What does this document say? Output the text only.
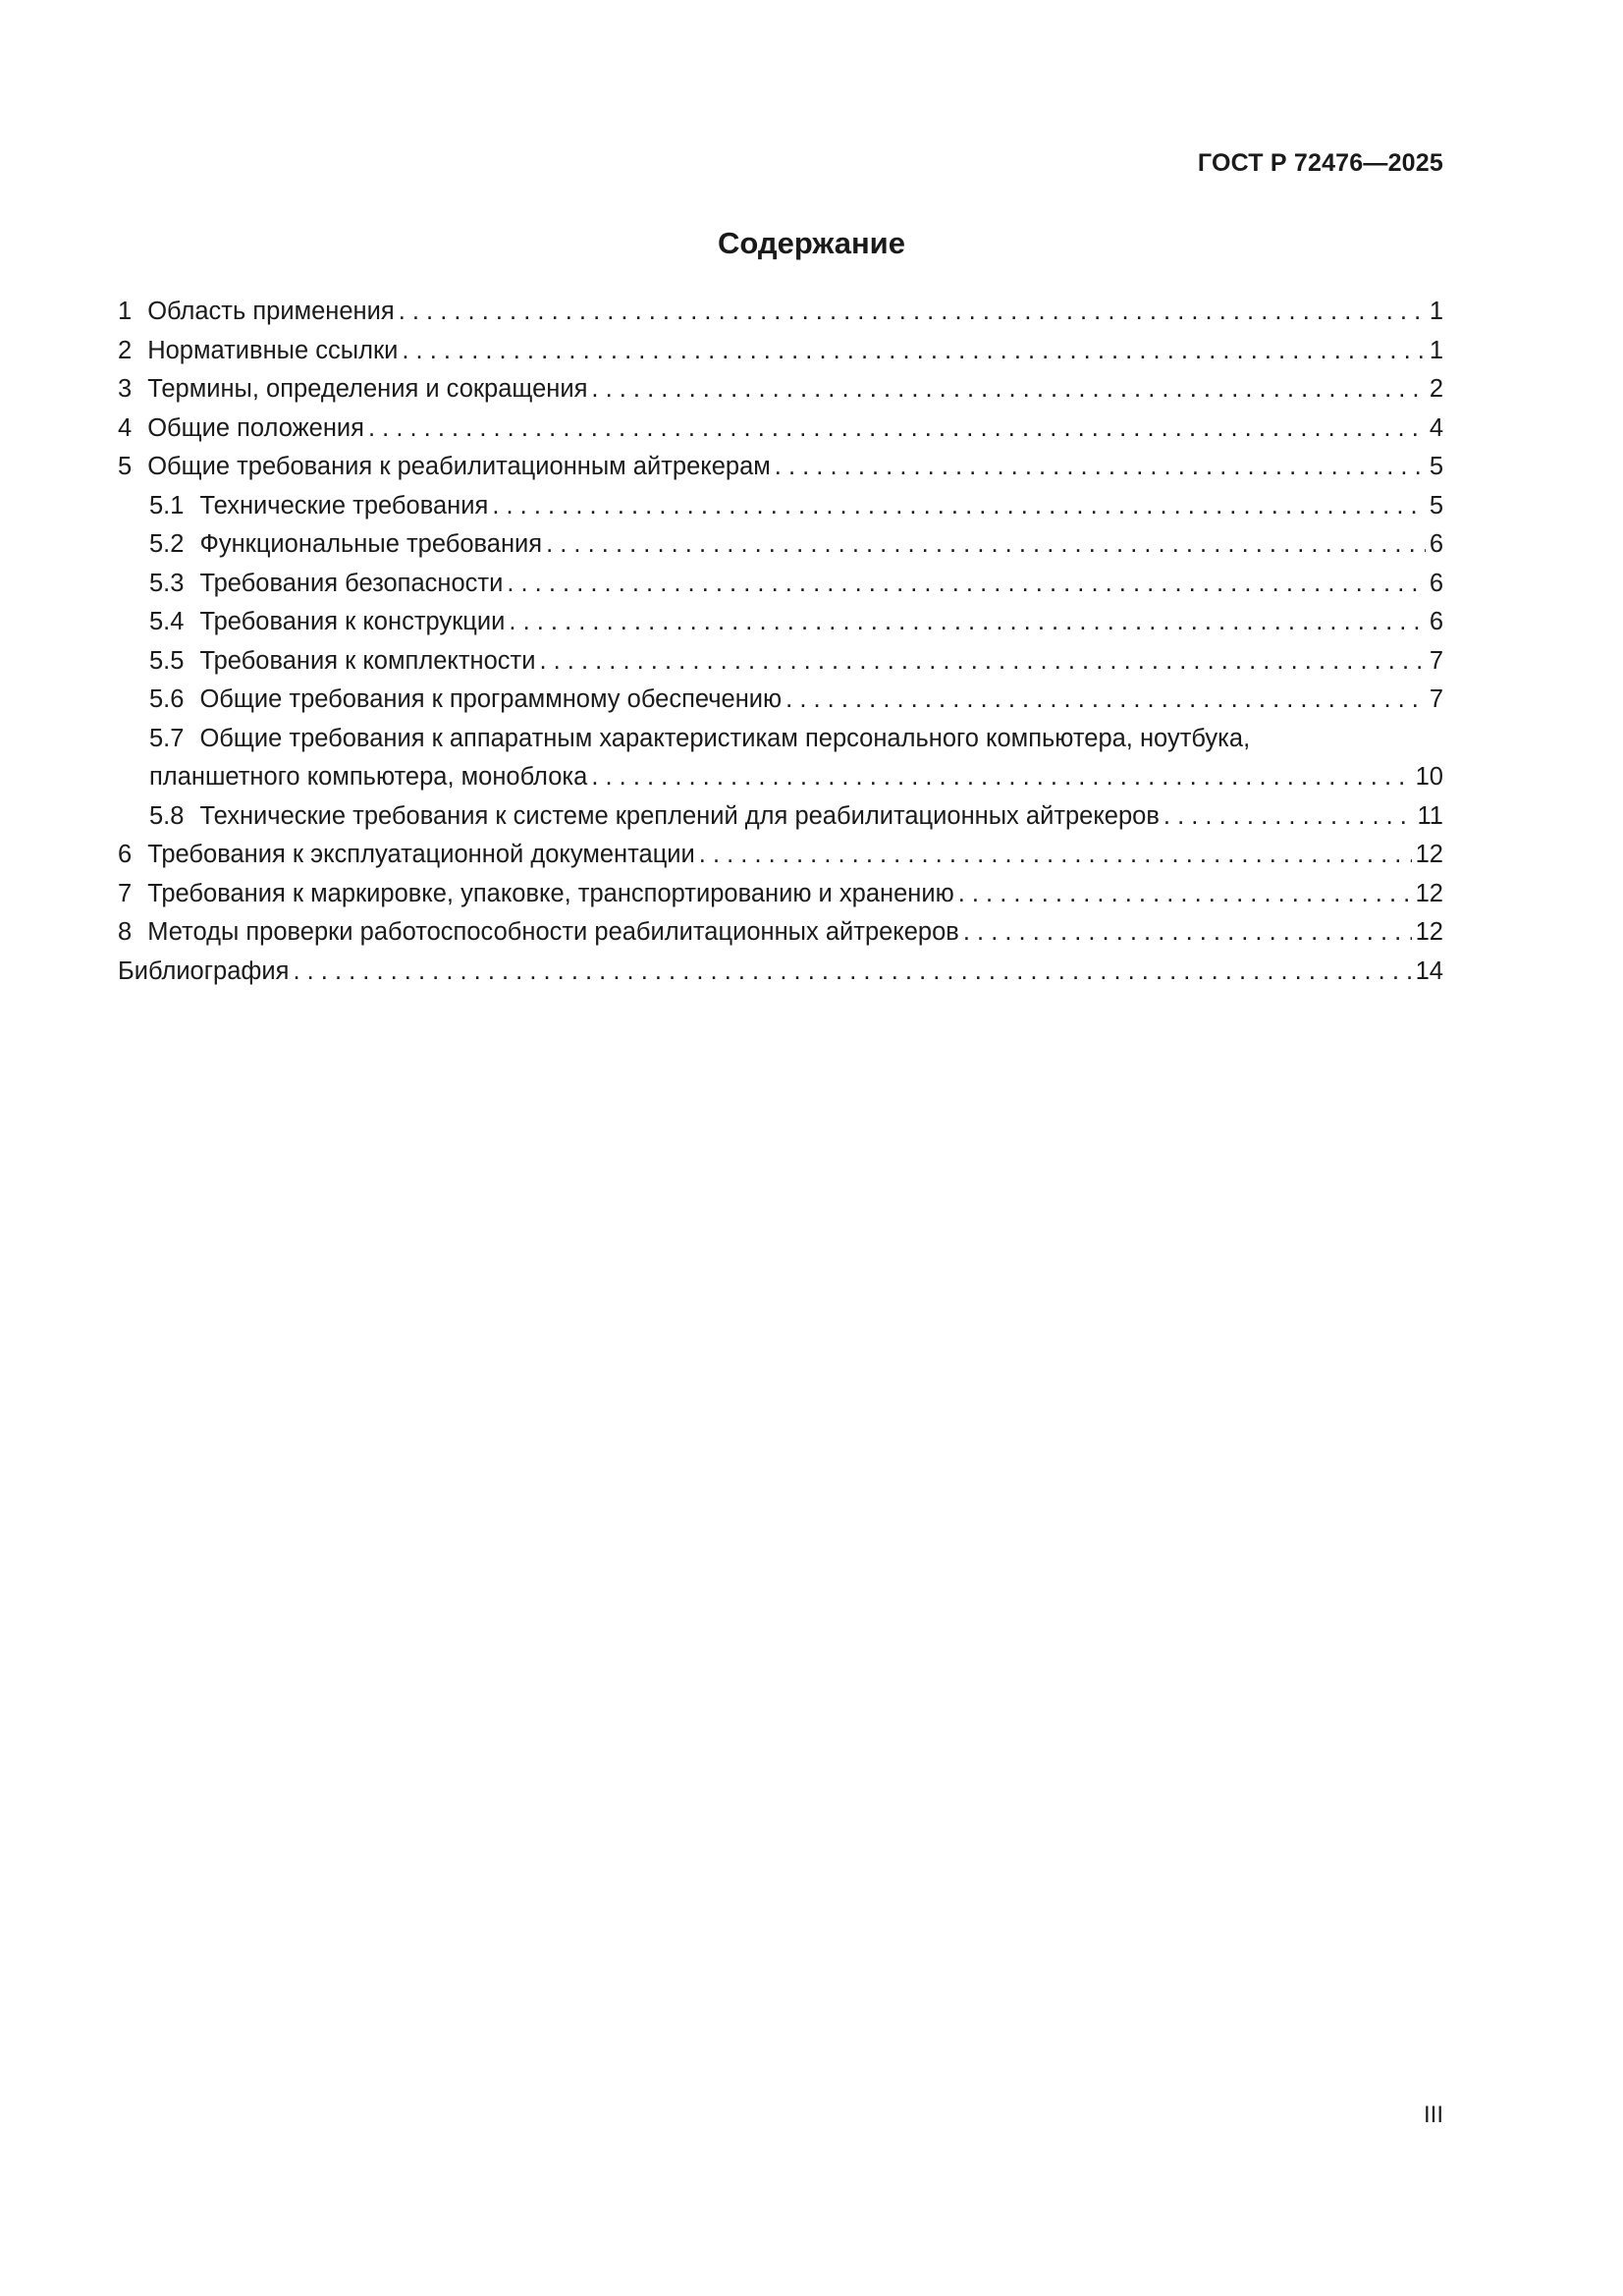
ГОСТ Р 72476—2025
Содержание
1 Область применения . . .	1
2 Нормативные ссылки . . .	1
3 Термины, определения и сокращения . . .	2
4 Общие положения . . .	4
5 Общие требования к реабилитационным айтрекерам . . .	5
5.1 Технические требования . . .	5
5.2 Функциональные требования . . .	6
5.3 Требования безопасности . . .	6
5.4 Требования к конструкции . . .	6
5.5 Требования к комплектности . . .	7
5.6 Общие требования к программному обеспечению . . .	7
5.7 Общие требования к аппаратным характеристикам персонального компьютера, ноутбука,
планшетного компьютера, моноблока . . .	10
5.8 Технические требования к системе креплений для реабилитационных айтрекеров . . .	11
6 Требования к эксплуатационной документации . . .	12
7 Требования к маркировке, упаковке, транспортированию и хранению . . .	12
8 Методы проверки работоспособности реабилитационных айтрекеров . . .	12
Библиография . . .	14
III
